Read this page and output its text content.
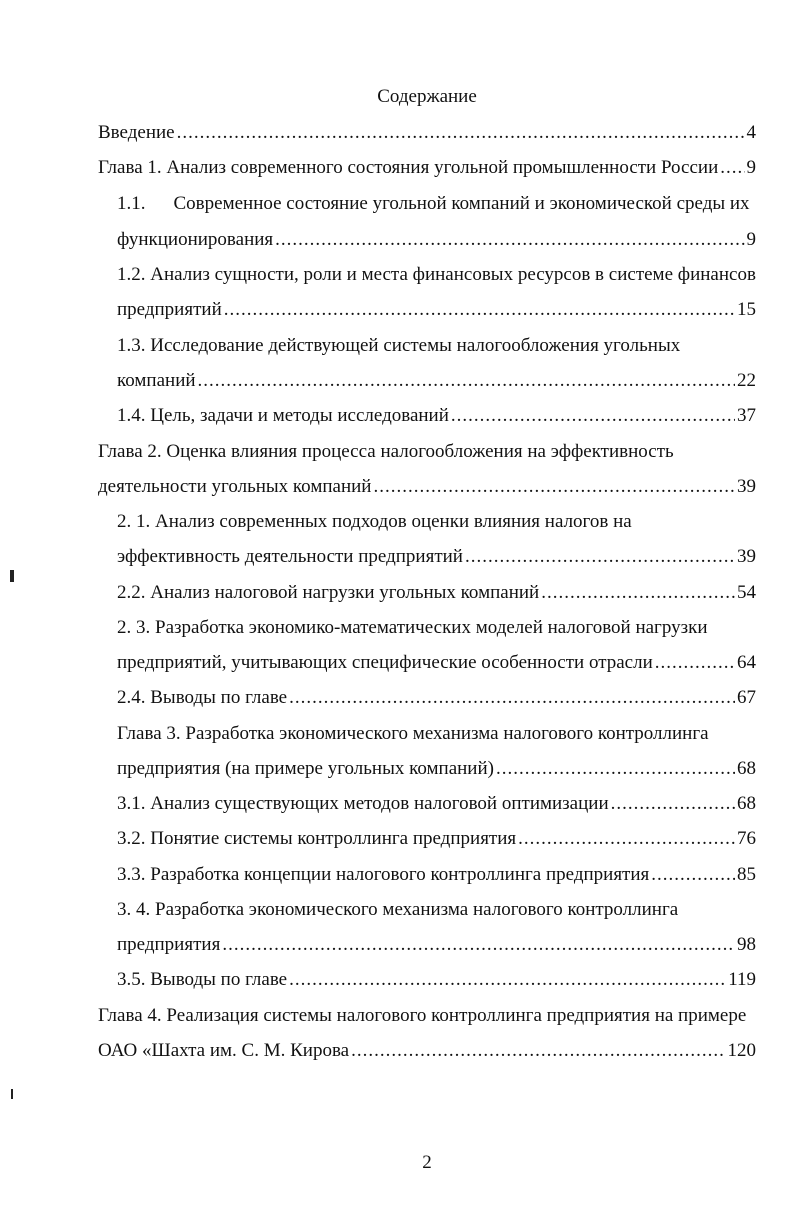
Содержание
Введение .....	4
Глава 1. Анализ современного состояния угольной промышленности России ..... 9
1.1. Современное состояние угольной компаний и экономической среды их
функционирования .....	9
1.2. Анализ сущности, роли и места финансовых ресурсов в системе финансов
предприятий .....	15
1.3. Исследование действующей системы налогообложения угольных
компаний .....	22
1.4. Цель, задачи и методы исследований .....	37
Глава 2. Оценка влияния процесса налогообложения на эффективность
деятельности угольных компаний .....	39
2. 1. Анализ современных подходов оценки влияния налогов на
эффективность деятельности предприятий .....	39
2.2. Анализ налоговой нагрузки угольных компаний .....	54
2. 3. Разработка экономико-математических моделей налоговой нагрузки
предприятий, учитывающих специфические особенности отрасли .....	64
2.4. Выводы по главе .....	67
Глава 3. Разработка экономического механизма налогового контроллинга
предприятия (на примере угольных компаний) .....	68
3.1. Анализ существующих методов налоговой оптимизации .....	68
3.2. Понятие системы контроллинга предприятия .....	76
3.3. Разработка концепции налогового контроллинга предприятия .....	85
3. 4. Разработка экономического механизма налогового контроллинга
предприятия .....	98
3.5. Выводы по главе .....	119
Глава 4. Реализация системы налогового контроллинга предприятия на примере
ОАО «Шахта им. С. М. Кирова .....	120
2
